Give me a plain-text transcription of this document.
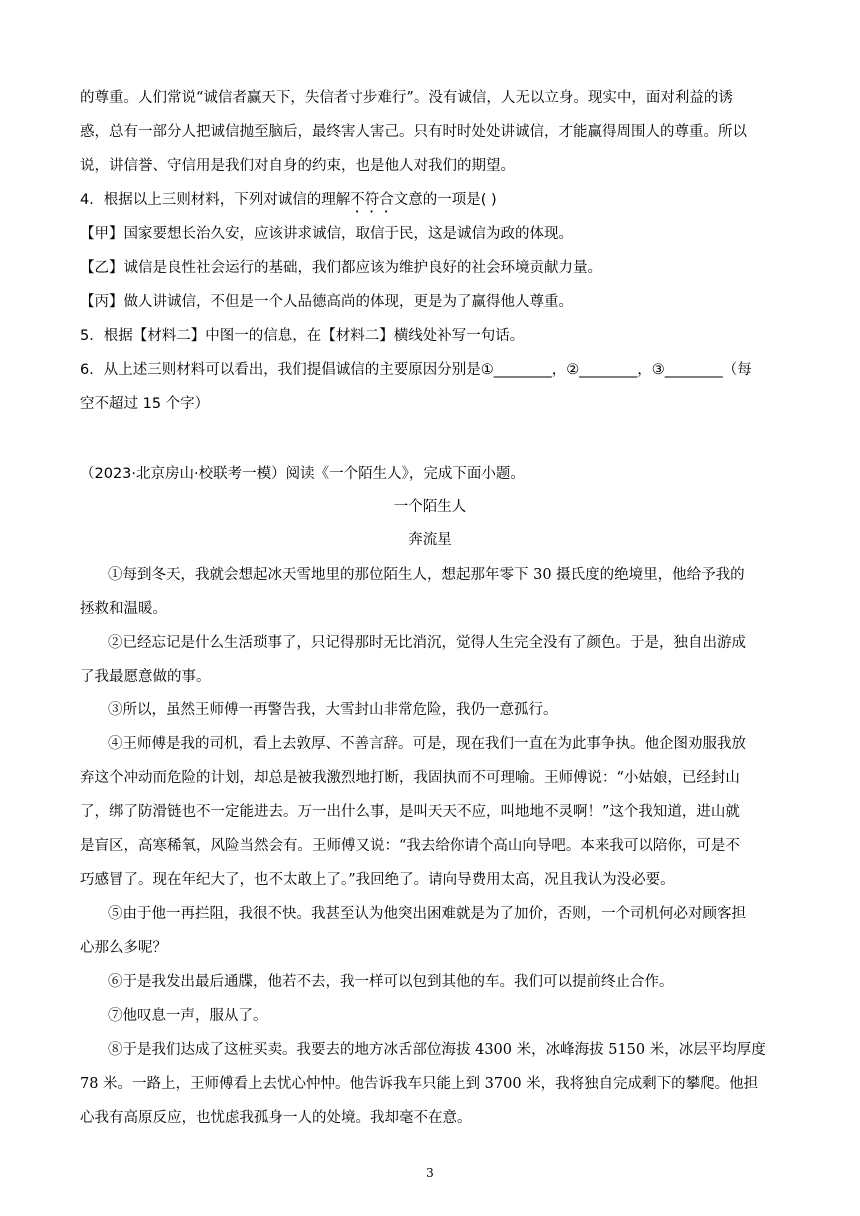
的尊重。人们常说“诚信者赢天下，失信者寸步难行”。没有诚信，人无以立身。现实中，面对利益的诱
惑，总有一部分人把诚信抛至脑后，最终害人害己。只有时时处处讲诚信，才能赢得周围人的尊重。所以
说，讲信誉、守信用是我们对自身的约束，也是他人对我们的期望。
4．根据以上三则材料，下列对诚信的理解不符合文意的一项是( )
【甲】国家要想长治久安，应该讲求诚信，取信于民，这是诚信为政的体现。
【乙】诚信是良性社会运行的基础，我们都应该为维护良好的社会环境贡献力量。
【丙】做人讲诚信，不但是一个人品德高尚的体现，更是为了赢得他人尊重。
5．根据【材料二】中图一的信息，在【材料二】横线处补写一句话。
6．从上述三则材料可以看出，我们提倡诚信的主要原因分别是①________，②________，③________（每
空不超过 15 个字）
（2023·北京房山·校联考一模）阅读《一个陌生人》，完成下面小题。
一个陌生人
奔流星
①每到冬天，我就会想起冰天雪地里的那位陌生人，想起那年零下 30 摄氏度的绝境里，他给予我的
拯救和温暖。
②已经忘记是什么生活琐事了，只记得那时无比消沉，觉得人生完全没有了颜色。于是，独自出游成
了我最愿意做的事。
③所以，虽然王师傅一再警告我，大雪封山非常危险，我仍一意孤行。
④王师傅是我的司机，看上去敦厚、不善言辞。可是，现在我们一直在为此事争执。他企图劝服我放
弃这个冲动而危险的计划，却总是被我激烈地打断，我固执而不可理喻。王师傅说：“小姑娘，已经封山
了，绑了防滑链也不一定能进去。万一出什么事，是叫天天不应，叫地地不灵啊！”这个我知道，进山就
是盲区，高寒稀氧，风险当然会有。王师傅又说：“我去给你请个高山向导吧。本来我可以陪你，可是不
巧感冒了。现在年纪大了，也不太敢上了。”我回绝了。请向导费用太高，况且我认为没必要。
⑤由于他一再拦阻，我很不快。我甚至认为他突出困难就是为了加价，否则，一个司机何必对顾客担
心那么多呢？
⑥于是我发出最后通牒，他若不去，我一样可以包到其他的车。我们可以提前终止合作。
⑦他叹息一声，服从了。
⑧于是我们达成了这桩买卖。我要去的地方冰舌部位海拔 4300 米，冰峰海拔 5150 米，冰层平均厚度
78 米。一路上，王师傅看上去忧心忡忡。他告诉我车只能上到 3700 米，我将独自完成剩下的攀爬。他担
心我有高原反应，也忧虑我孤身一人的处境。我却毫不在意。
3
